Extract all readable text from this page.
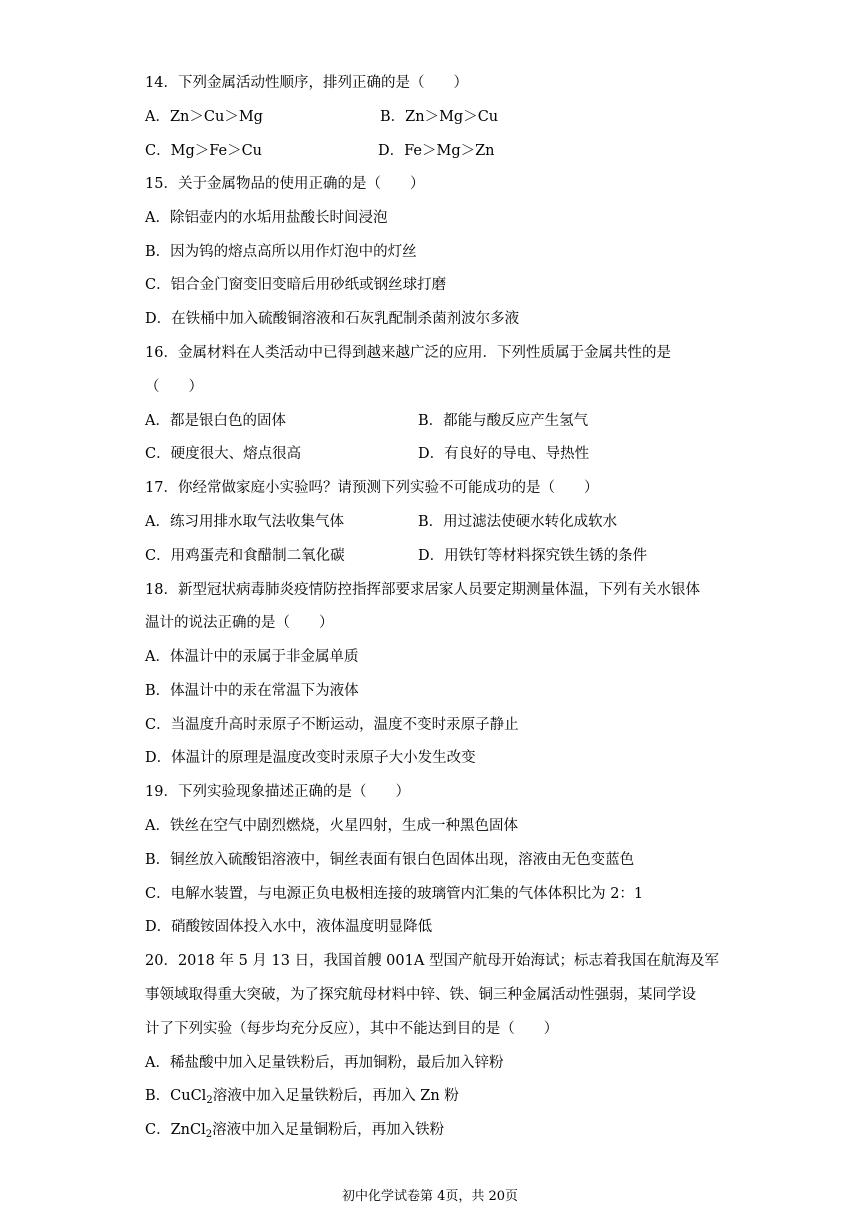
14．下列金属活动性顺序，排列正确的是（　　）
A．Zn＞Cu＞Mg	B．Zn＞Mg＞Cu
C．Mg＞Fe＞Cu	D．Fe＞Mg＞Zn
15．关于金属物品的使用正确的是（　　）
A．除铝壶内的水垢用盐酸长时间浸泡
B．因为钨的熔点高所以用作灯泡中的灯丝
C．铝合金门窗变旧变暗后用砂纸或钢丝球打磨
D．在铁桶中加入硫酸铜溶液和石灰乳配制杀菌剂波尔多液
16．金属材料在人类活动中已得到越来越广泛的应用．下列性质属于金属共性的是
（　　）
A．都是银白色的固体	B．都能与酸反应产生氢气
C．硬度很大、熔点很高	D．有良好的导电、导热性
17．你经常做家庭小实验吗？请预测下列实验不可能成功的是（　　）
A．练习用排水取气法收集气体	B．用过滤法使硬水转化成软水
C．用鸡蛋壳和食醋制二氧化碳	D．用铁钉等材料探究铁生锈的条件
18．新型冠状病毒肺炎疫情防控指挥部要求居家人员要定期测量体温，下列有关水银体
温计的说法正确的是（　　）
A．体温计中的汞属于非金属单质
B．体温计中的汞在常温下为液体
C．当温度升高时汞原子不断运动，温度不变时汞原子静止
D．体温计的原理是温度改变时汞原子大小发生改变
19．下列实验现象描述正确的是（　　）
A．铁丝在空气中剧烈燃烧，火星四射，生成一种黑色固体
B．铜丝放入硫酸铝溶液中，铜丝表面有银白色固体出现，溶液由无色变蓝色
C．电解水装置，与电源正负电极相连接的玻璃管内汇集的气体体积比为 2：1
D．硝酸铵固体投入水中，液体温度明显降低
20．2018 年 5 月 13 日，我国首艘 001A 型国产航母开始海试；标志着我国在航海及军
事领域取得重大突破，为了探究航母材料中锌、铁、铜三种金属活动性强弱，某同学设
计了下列实验（每步均充分反应），其中不能达到目的是（　　）
A．稀盐酸中加入足量铁粉后，再加铜粉，最后加入锌粉
B．CuCl$_2$溶液中加入足量铁粉后，再加入 Zn 粉
C．ZnCl$_2$溶液中加入足量铜粉后，再加入铁粉
初中化学试卷第 4页，共 20页
